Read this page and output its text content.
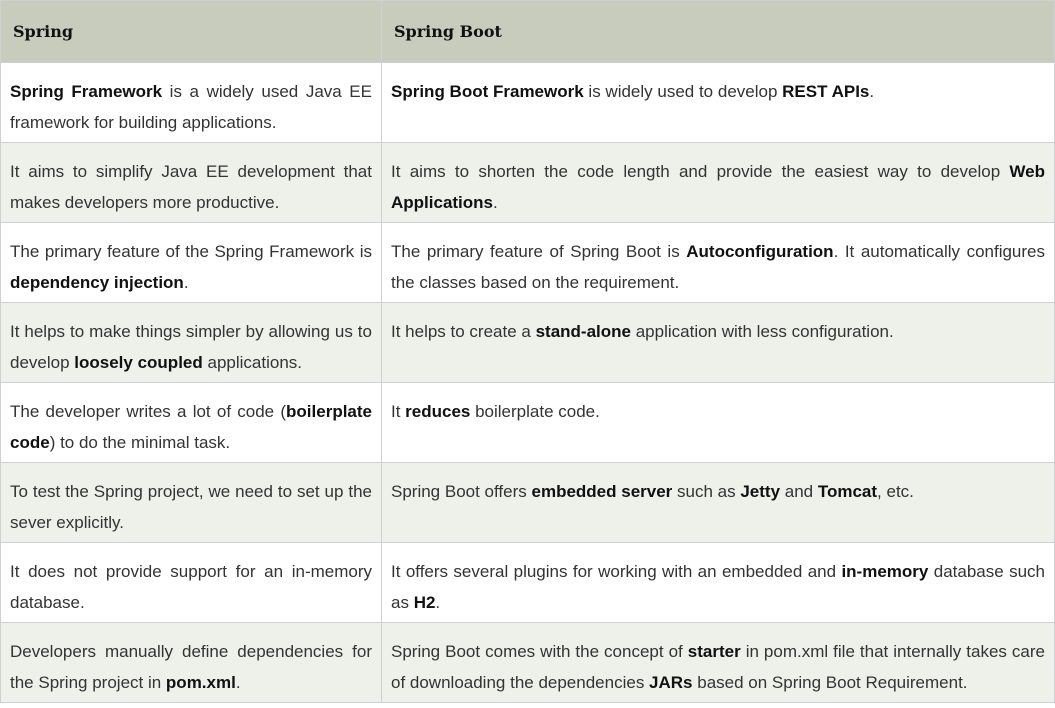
Spring	Spring Boot
Spring Framework is a widely used Java EE framework for building applications.	Spring Boot Framework is widely used to develop REST APIs.
It aims to simplify Java EE development that makes developers more productive.	It aims to shorten the code length and provide the easiest way to develop Web Applications.
The primary feature of the Spring Framework is dependency injection.	The primary feature of Spring Boot is Autoconfiguration. It automatically configures the classes based on the requirement.
It helps to make things simpler by allowing us to develop loosely coupled applications.	It helps to create a stand-alone application with less configuration.
The developer writes a lot of code (boilerplate code) to do the minimal task.	It reduces boilerplate code.
To test the Spring project, we need to set up the sever explicitly.	Spring Boot offers embedded server such as Jetty and Tomcat, etc.
It does not provide support for an in-memory database.	It offers several plugins for working with an embedded and in-memory database such as H2.
Developers manually define dependencies for the Spring project in pom.xml.	Spring Boot comes with the concept of starter in pom.xml file that internally takes care of downloading the dependencies JARs based on Spring Boot Requirement.
